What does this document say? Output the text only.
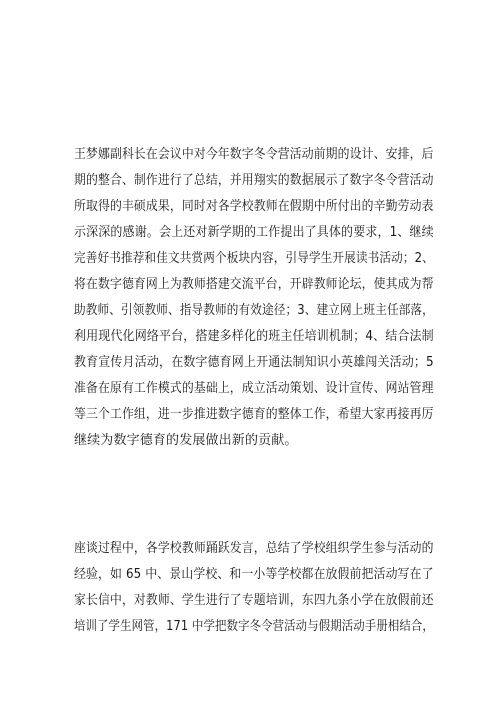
王梦娜副科长在会议中对今年数字冬令营活动前期的设计、安排，后
期的整合、制作进行了总结，并用翔实的数据展示了数字冬令营活动
所取得的丰硕成果，同时对各学校教师在假期中所付出的辛勤劳动表
示深深的感谢。会上还对新学期的工作提出了具体的要求，1、继续
完善好书推荐和佳文共赏两个板块内容，引导学生开展读书活动；2、
将在数字德育网上为教师搭建交流平台，开辟教师论坛，使其成为帮
助教师、引领教师、指导教师的有效途径；3、建立网上班主任部落，
利用现代化网络平台，搭建多样化的班主任培训机制；4、结合法制
教育宣传月活动，在数字德育网上开通法制知识小英雄闯关活动；5
准备在原有工作模式的基础上，成立活动策划、设计宣传、网站管理
等三个工作组，进一步推进数字德育的整体工作，希望大家再接再厉
继续为数字德育的发展做出新的贡献。
座谈过程中，各学校教师踊跃发言，总结了学校组织学生参与活动的
经验，如 65 中、景山学校、和一小等学校都在放假前把活动写在了
家长信中，对教师、学生进行了专题培训，东四九条小学在放假前还
培训了学生网管，171 中学把数字冬令营活动与假期活动手册相结合，
